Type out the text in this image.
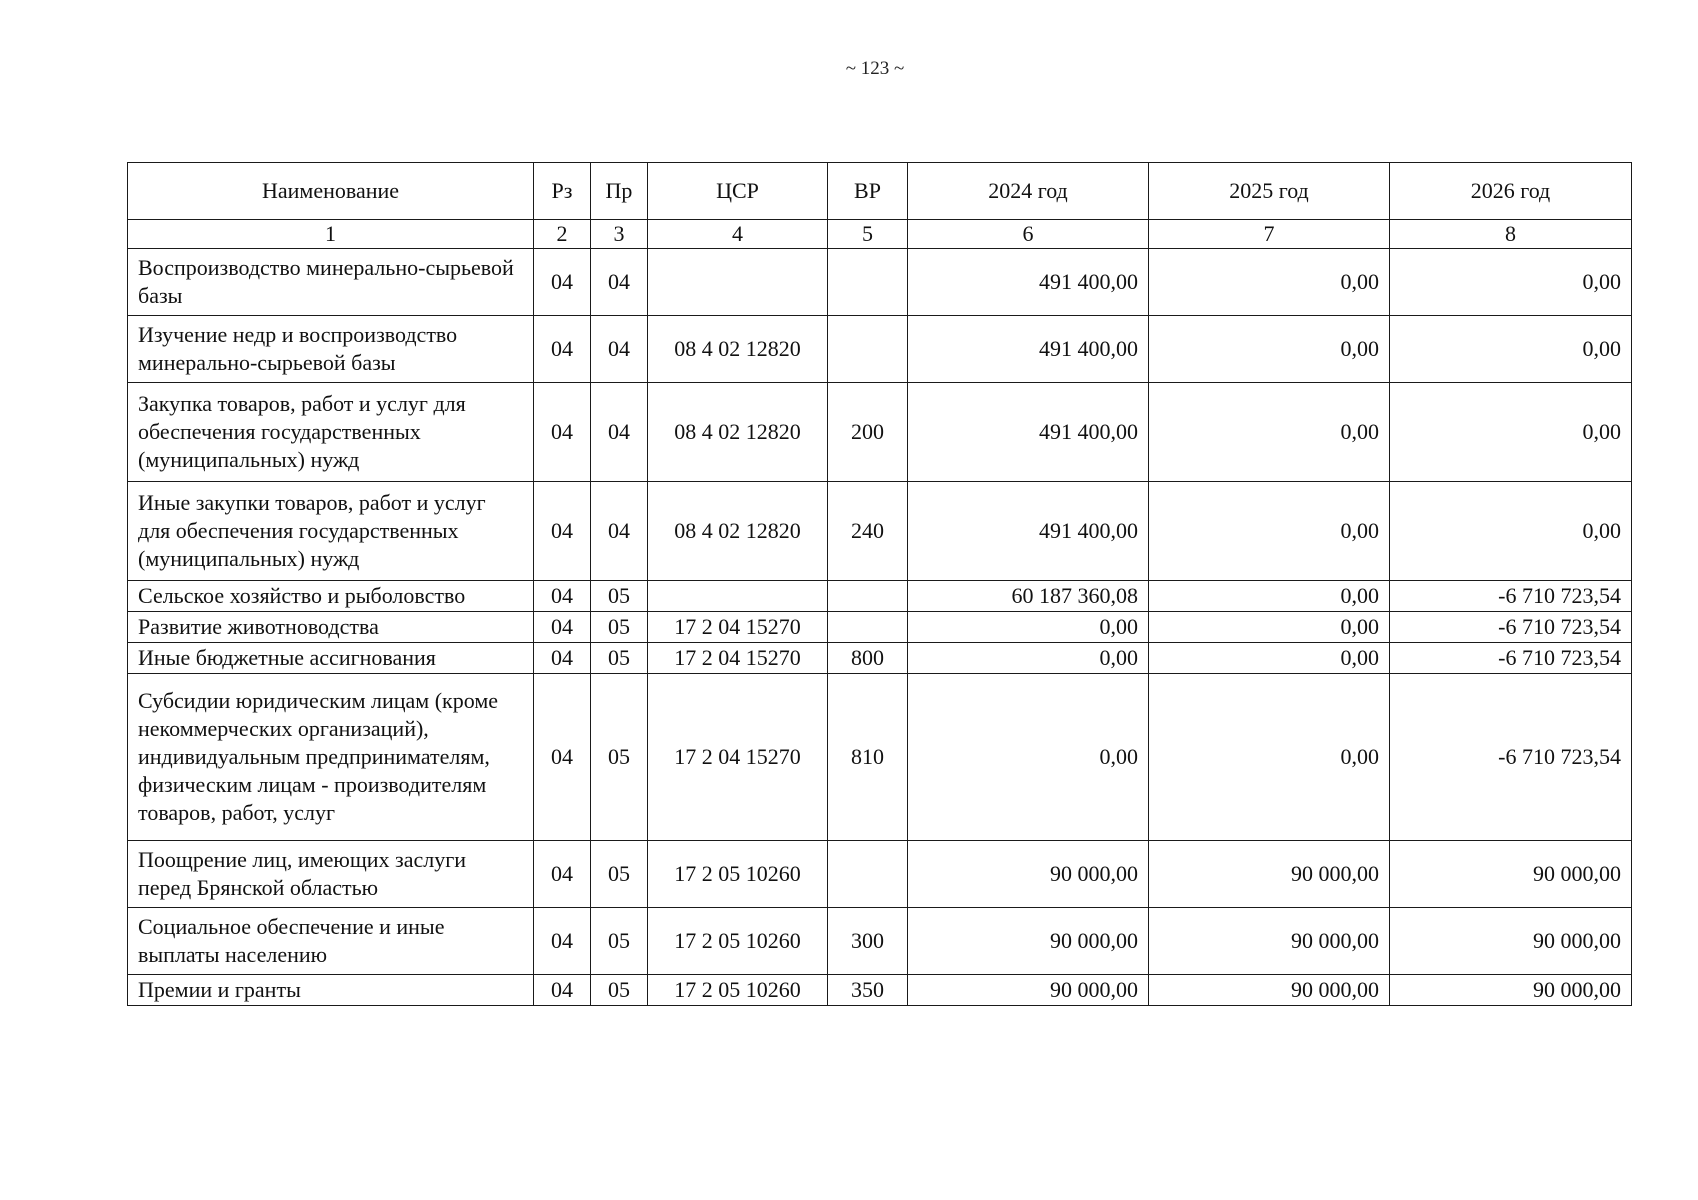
~ 123 ~
Наименование	Рз	Пр	ЦСР	ВР	2024 год	2025 год	2026 год
1	2	3	4	5	6	7	8
Воспроизводство минерально-сырьевой базы	04	04			491 400,00	0,00	0,00
Изучение недр и воспроизводство минерально-сырьевой базы	04	04	08 4 02 12820		491 400,00	0,00	0,00
Закупка товаров, работ и услуг для обеспечения государственных (муниципальных) нужд	04	04	08 4 02 12820	200	491 400,00	0,00	0,00
Иные закупки товаров, работ и услуг для обеспечения государственных (муниципальных) нужд	04	04	08 4 02 12820	240	491 400,00	0,00	0,00
Сельское хозяйство и рыболовство	04	05			60 187 360,08	0,00	-6 710 723,54
Развитие животноводства	04	05	17 2 04 15270		0,00	0,00	-6 710 723,54
Иные бюджетные ассигнования	04	05	17 2 04 15270	800	0,00	0,00	-6 710 723,54
Субсидии юридическим лицам (кроме некоммерческих организаций), индивидуальным предпринимателям, физическим лицам - производителям товаров, работ, услуг	04	05	17 2 04 15270	810	0,00	0,00	-6 710 723,54
Поощрение лиц, имеющих заслуги перед Брянской областью	04	05	17 2 05 10260		90 000,00	90 000,00	90 000,00
Социальное обеспечение и иные выплаты населению	04	05	17 2 05 10260	300	90 000,00	90 000,00	90 000,00
Премии и гранты	04	05	17 2 05 10260	350	90 000,00	90 000,00	90 000,00
